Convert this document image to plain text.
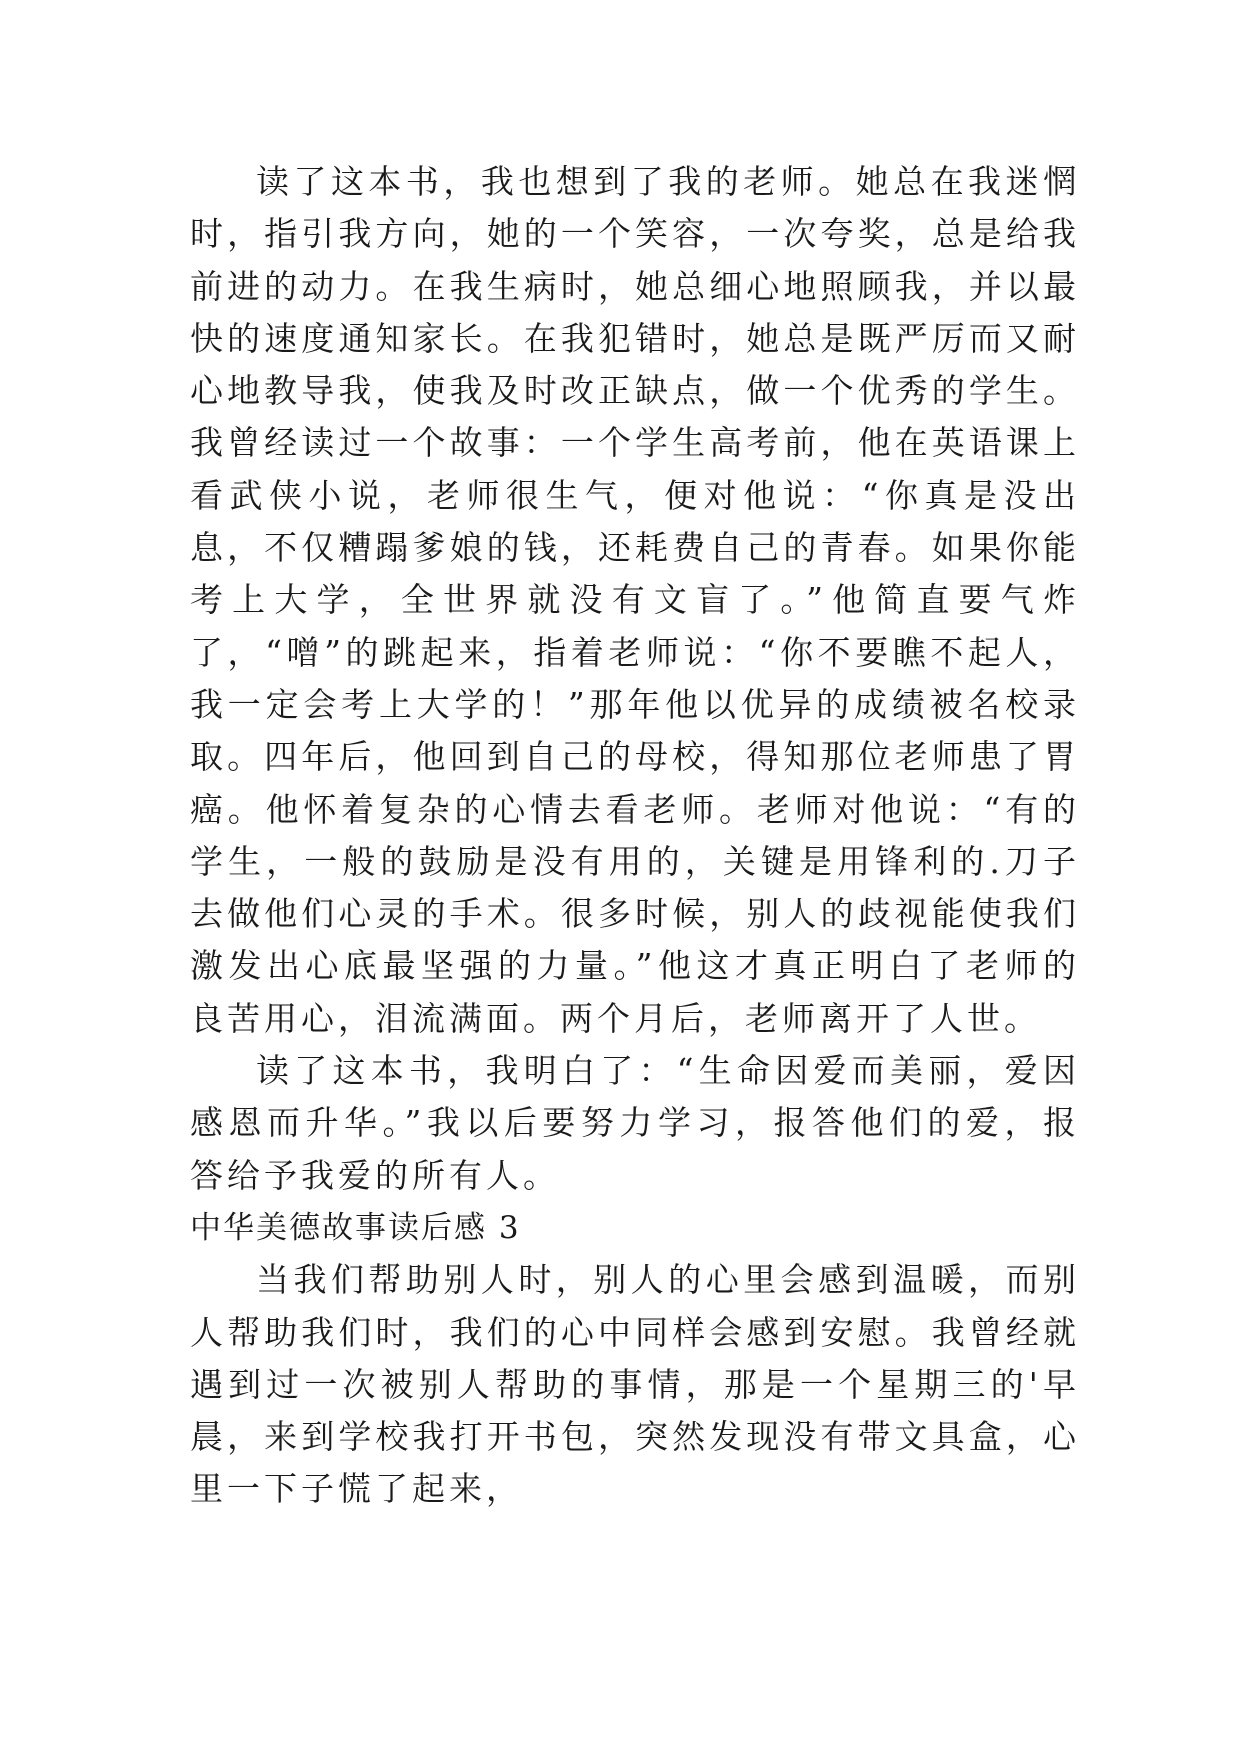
读了这本书，我也想到了我的老师。她总在我迷惘时，指引我方向，她的一个笑容，一次夸奖，总是给我前进的动力。在我生病时，她总细心地照顾我，并以最快的速度通知家长。在我犯错时，她总是既严厉而又耐心地教导我，使我及时改正缺点，做一个优秀的学生。我曾经读过一个故事：一个学生高考前，他在英语课上看武侠小说，老师很生气，便对他说：“你真是没出息，不仅糟蹋爹娘的钱，还耗费自己的青春。如果你能考上大学，全世界就没有文盲了。”他简直要气炸了，“噌”的跳起来，指着老师说：“你不要瞧不起人，我一定会考上大学的！”那年他以优异的成绩被名校录取。四年后，他回到自己的母校，得知那位老师患了胃癌。他怀着复杂的心情去看老师。老师对他说：“有的学生，一般的鼓励是没有用的，关键是用锋利的.刀子去做他们心灵的手术。很多时候，别人的歧视能使我们激发出心底最坚强的力量。”他这才真正明白了老师的良苦用心，泪流满面。两个月后，老师离开了人世。

读了这本书，我明白了：“生命因爱而美丽，爱因感恩而升华。”我以后要努力学习，报答他们的爱，报答给予我爱的所有人。

中华美德故事读后感 3

当我们帮助别人时，别人的心里会感到温暖，而别人帮助我们时，我们的心中同样会感到安慰。我曾经就遇到过一次被别人帮助的事情，那是一个星期三的'早晨，来到学校我打开书包，突然发现没有带文具盒，心里一下子慌了起来，
